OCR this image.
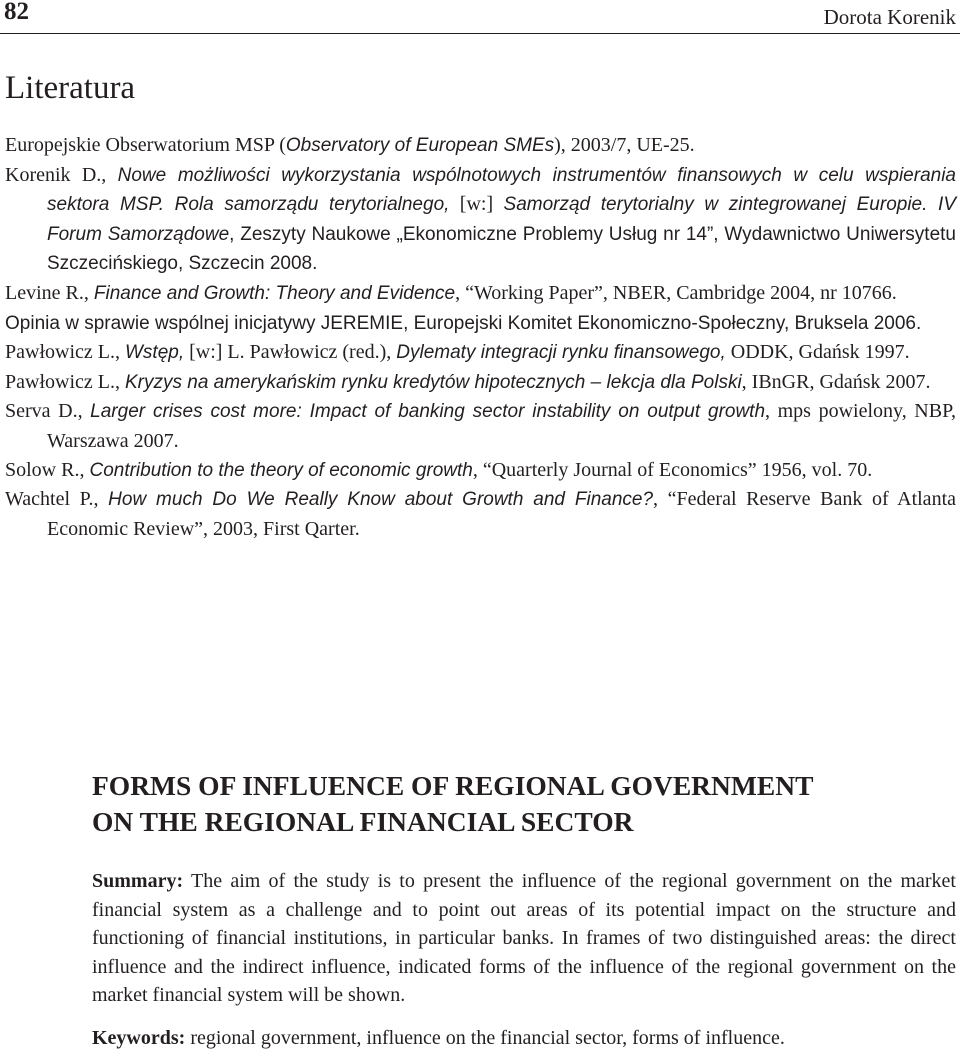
82	Dorota Korenik
Literatura
Europejskie Obserwatorium MSP (Observatory of European SMEs), 2003/7, UE-25.
Korenik D., Nowe możliwości wykorzystania wspólnotowych instrumentów finansowych w celu wspierania sektora MSP. Rola samorządu terytorialnego, [w:] Samorząd terytorialny w zintegrowanej Europie. IV Forum Samorządowe, Zeszyty Naukowe „Ekonomiczne Problemy Usług nr 14”, Wydawnictwo Uniwersytetu Szczecińskiego, Szczecin 2008.
Levine R., Finance and Growth: Theory and Evidence, “Working Paper”, NBER, Cambridge 2004, nr 10766.
Opinia w sprawie wspólnej inicjatywy JEREMIE, Europejski Komitet Ekonomiczno-Społeczny, Bruksela 2006.
Pawłowicz L., Wstęp, [w:] L. Pawłowicz (red.), Dylematy integracji rynku finansowego, ODDK, Gdańsk 1997.
Pawłowicz L., Kryzys na amerykańskim rynku kredytów hipotecznych – lekcja dla Polski, IBnGR, Gdańsk 2007.
Serva D., Larger crises cost more: Impact of banking sector instability on output growth, mps powielony, NBP, Warszawa 2007.
Solow R., Contribution to the theory of economic growth, “Quarterly Journal of Economics” 1956, vol. 70.
Wachtel P., How much Do We Really Know about Growth and Finance?, “Federal Reserve Bank of Atlanta Economic Review”, 2003, First Qarter.
FORMS OF INFLUENCE OF REGIONAL GOVERNMENT
ON THE REGIONAL FINANCIAL SECTOR

Summary: The aim of the study is to present the influence of the regional government on the market financial system as a challenge and to point out areas of its potential impact on the structure and functioning of financial institutions, in particular banks. In frames of two distinguished areas: the direct influence and the indirect influence, indicated forms of the influence of the regional government on the market financial system will be shown.

Keywords: regional government, influence on the financial sector, forms of influence.
